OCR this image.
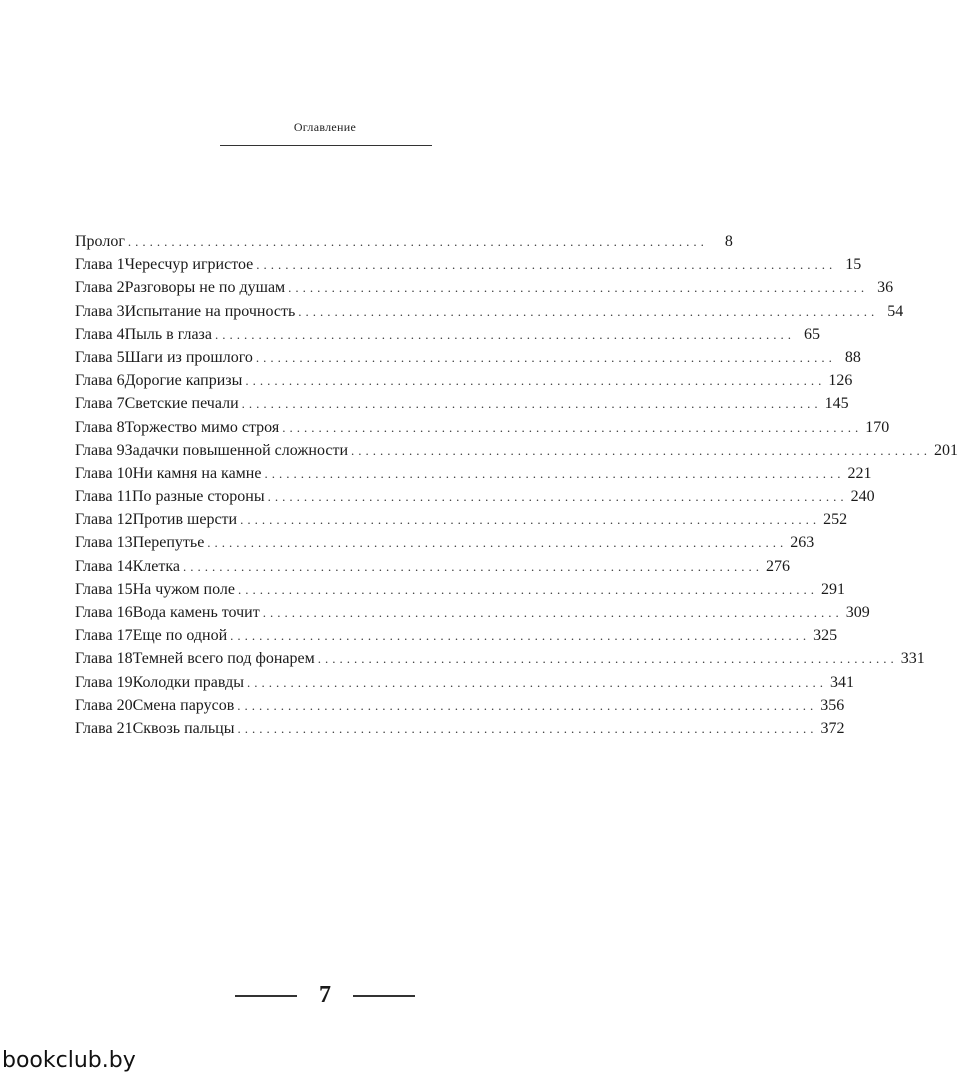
Оглавление
Пролог ................................................................................	8
Глава 1 Чересчур игристое ................................................................................ 15
Глава 2 Разговоры не по душам ................................................................................ 36
Глава 3 Испытание на прочность ................................................................................ 54
Глава 4 Пыль в глаза ................................................................................ 65
Глава 5 Шаги из прошлого ................................................................................ 88
Глава 6 Дорогие капризы ................................................................................ 126
Глава 7 Светские печали ................................................................................ 145
Глава 8 Торжество мимо строя ................................................................................ 170
Глава 9 Задачки повышенной сложности ................................................................................ 201
Глава 10 Ни камня на камне ................................................................................ 221
Глава 11 По разные стороны ................................................................................ 240
Глава 12 Против шерсти ................................................................................ 252
Глава 13 Перепутье ................................................................................ 263
Глава 14 Клетка ................................................................................ 276
Глава 15 На чужом поле ................................................................................ 291
Глава 16 Вода камень точит ................................................................................ 309
Глава 17 Еще по одной ................................................................................ 325
Глава 18 Темней всего под фонарем ................................................................................ 331
Глава 19 Колодки правды ................................................................................ 341
Глава 20 Смена парусов ................................................................................ 356
Глава 21 Сквозь пальцы ................................................................................ 372
7
bookclub.by
